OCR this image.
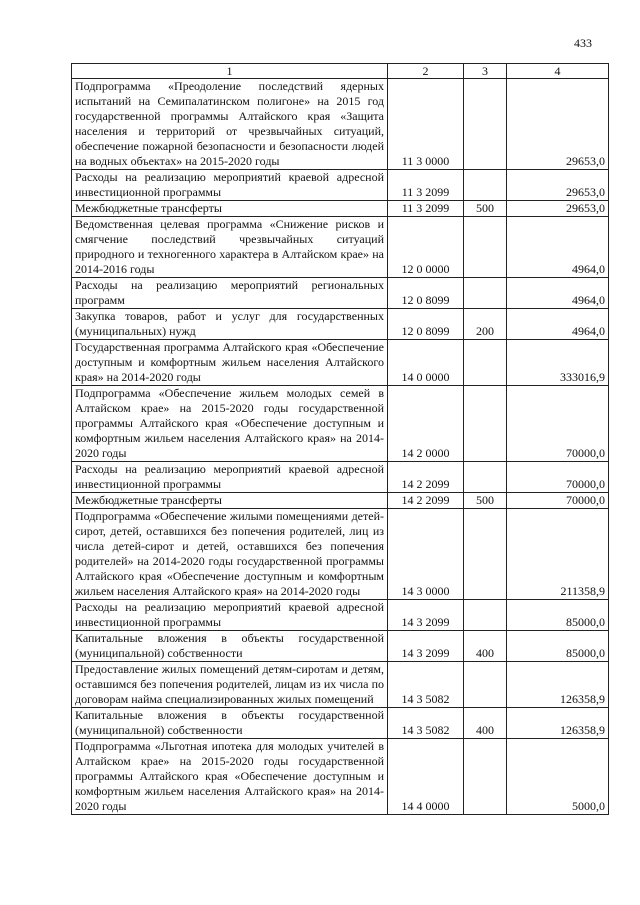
433
1	2	3	4
Подпрограмма «Преодоление последствий ядерных испытаний на Семипалатинском полигоне» на 2015 год государственной программы Алтайского края «Защита населения и территорий от чрезвычайных ситуаций, обеспечение пожарной безопасности и безопасности людей на водных объектах» на 2015-2020 годы	11 3 0000		29653,0
Расходы на реализацию мероприятий краевой адресной инвестиционной программы	11 3 2099		29653,0
Межбюджетные трансферты	11 3 2099	500	29653,0
Ведомственная целевая программа «Снижение рисков и смягчение последствий чрезвычайных ситуаций природного и техногенного характера в Алтайском крае» на 2014-2016 годы	12 0 0000		4964,0
Расходы на реализацию мероприятий региональных программ	12 0 8099		4964,0
Закупка товаров, работ и услуг для государственных (муниципальных) нужд	12 0 8099	200	4964,0
Государственная программа Алтайского края «Обеспечение доступным и комфортным жильем населения Алтайского края» на 2014-2020 годы	14 0 0000		333016,9
Подпрограмма «Обеспечение жильем молодых семей в Алтайском крае» на 2015-2020 годы государственной программы Алтайского края «Обеспечение доступным и комфортным жильем населения Алтайского края» на 2014-2020 годы	14 2 0000		70000,0
Расходы на реализацию мероприятий краевой адресной инвестиционной программы	14 2 2099		70000,0
Межбюджетные трансферты	14 2 2099	500	70000,0
Подпрограмма «Обеспечение жилыми помещениями детей-сирот, детей, оставшихся без попечения родителей, лиц из числа детей-сирот и детей, оставшихся без попечения родителей» на 2014-2020 годы государственной программы Алтайского края «Обеспечение доступным и комфортным жильем населения Алтайского края» на 2014-2020 годы	14 3 0000		211358,9
Расходы на реализацию мероприятий краевой адресной инвестиционной программы	14 3 2099		85000,0
Капитальные вложения в объекты государственной (муниципальной) собственности	14 3 2099	400	85000,0
Предоставление жилых помещений детям-сиротам и детям, оставшимся без попечения родителей, лицам из их числа по договорам найма специализированных жилых помещений	14 3 5082		126358,9
Капитальные вложения в объекты государственной (муниципальной) собственности	14 3 5082	400	126358,9
Подпрограмма «Льготная ипотека для молодых учителей в Алтайском крае» на 2015-2020 годы государственной программы Алтайского края «Обеспечение доступным и комфортным жильем населения Алтайского края» на 2014-2020 годы	14 4 0000		5000,0
